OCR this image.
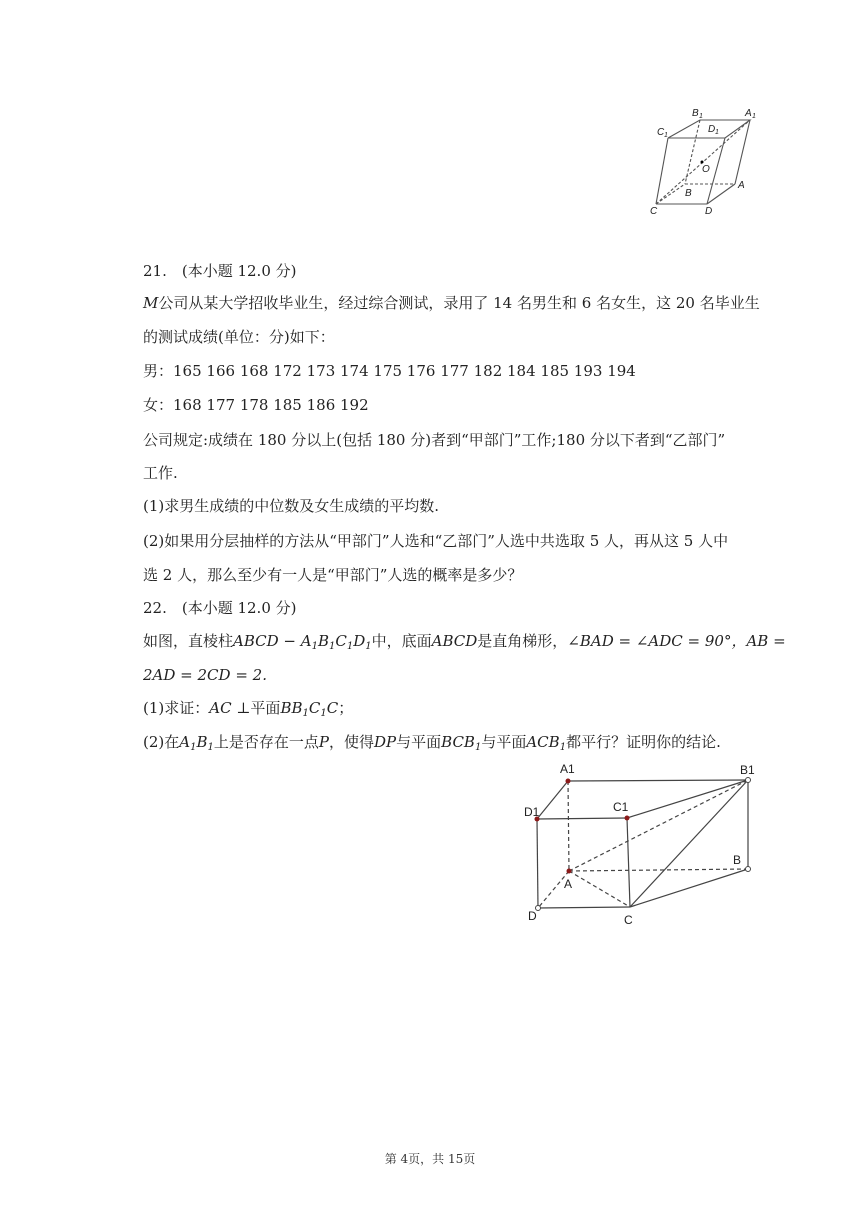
B 1	A 1
C 1
D 1
O
B
A
C	D
21.　(本小题 12.0 分)
M公司从某大学招收毕业生，经过综合测试，录用了 14 名男生和 6 名女生，这 20 名毕业生
的测试成绩(单位：分)如下：
男：165 166 168 172 173 174 175 176 177 182 184 185 193 194
女：168 177 178 185 186 192
公司规定:成绩在 180 分以上(包括 180 分)者到“甲部门”工作;180 分以下者到“乙部门”
工作.
(1)求男生成绩的中位数及女生成绩的平均数.
(2)如果用分层抽样的方法从“甲部门”人选和“乙部门”人选中共选取 5 人，再从这 5 人中
选 2 人，那么至少有一人是“甲部门”人选的概率是多少？
22.　(本小题 12.0 分)
如图，直棱柱ABCD − $A_1B_1C_1D_1$中，底面ABCD是直角梯形，∠BAD = ∠ADC = 90°，AB =
2AD = 2CD = 2.
(1)求证：AC ⊥平面$BB_1C_1C$；
(2)在$A_1B_1$上是否存在一点P，使得DP与平面$BCB_1$与平面$ACB_1$都平行？证明你的结论.
A1	B1
D1	C1
A
B
D	C
第 4页，共 15页
